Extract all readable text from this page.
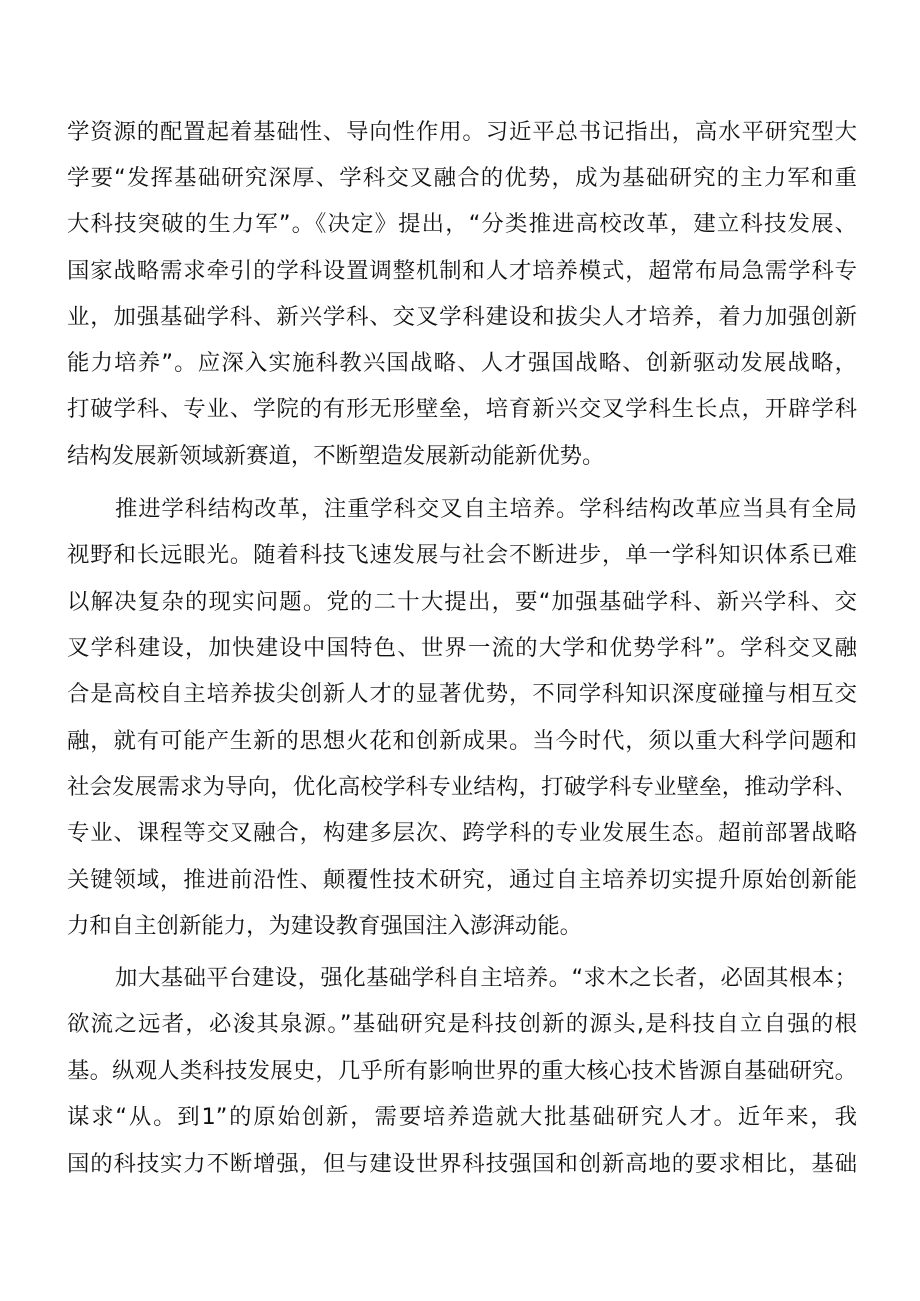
学资源的配置起着基础性、导向性作用。习近平总书记指出，高水平研究型大
学要“发挥基础研究深厚、学科交叉融合的优势，成为基础研究的主力军和重
大科技突破的生力军”。《决定》提出，“分类推进高校改革，建立科技发展、
国家战略需求牵引的学科设置调整机制和人才培养模式，超常布局急需学科专
业，加强基础学科、新兴学科、交叉学科建设和拔尖人才培养，着力加强创新
能力培养”。应深入实施科教兴国战略、人才强国战略、创新驱动发展战略，
打破学科、专业、学院的有形无形壁垒，培育新兴交叉学科生长点，开辟学科
结构发展新领域新赛道，不断塑造发展新动能新优势。
推进学科结构改革，注重学科交叉自主培养。学科结构改革应当具有全局
视野和长远眼光。随着科技飞速发展与社会不断进步，单一学科知识体系已难
以解决复杂的现实问题。党的二十大提出，要“加强基础学科、新兴学科、交
叉学科建设，加快建设中国特色、世界一流的大学和优势学科”。学科交叉融
合是高校自主培养拔尖创新人才的显著优势，不同学科知识深度碰撞与相互交
融，就有可能产生新的思想火花和创新成果。当今时代，须以重大科学问题和
社会发展需求为导向，优化高校学科专业结构，打破学科专业壁垒，推动学科、
专业、课程等交叉融合，构建多层次、跨学科的专业发展生态。超前部署战略
关键领域，推进前沿性、颠覆性技术研究，通过自主培养切实提升原始创新能
力和自主创新能力，为建设教育强国注入澎湃动能。
加大基础平台建设，强化基础学科自主培养。“求木之长者，必固其根本；
欲流之远者，必浚其泉源。”基础研究是科技创新的源头,是科技自立自强的根
基。纵观人类科技发展史，几乎所有影响世界的重大核心技术皆源自基础研究。
谋求“从。到1”的原始创新，需要培养造就大批基础研究人才。近年来，我
国的科技实力不断增强，但与建设世界科技强国和创新高地的要求相比，基础
